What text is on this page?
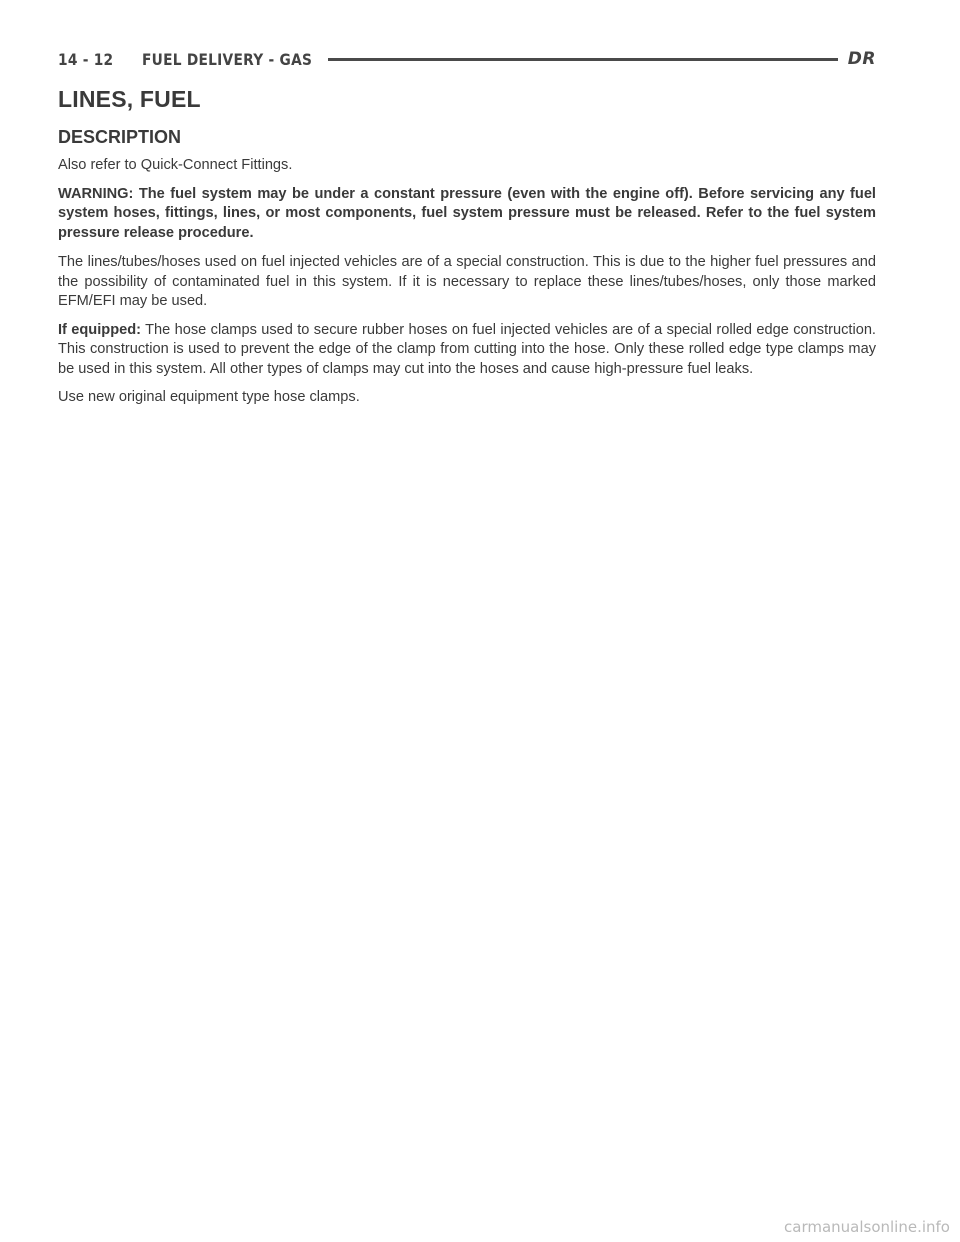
14 - 12	FUEL DELIVERY - GAS	DR
LINES, FUEL
DESCRIPTION

Also refer to Quick-Connect Fittings.

WARNING: The fuel system may be under a constant pressure (even with the engine off). Before servicing any fuel system hoses, fittings, lines, or most components, fuel system pressure must be released. Refer to the fuel system pressure release procedure.

The lines/tubes/hoses used on fuel injected vehicles are of a special construction. This is due to the higher fuel pressures and the possibility of contaminated fuel in this system. If it is necessary to replace these lines/tubes/hoses, only those marked EFM/EFI may be used.

If equipped: The hose clamps used to secure rubber hoses on fuel injected vehicles are of a special rolled edge construction. This construction is used to prevent the edge of the clamp from cutting into the hose. Only these rolled edge type clamps may be used in this system. All other types of clamps may cut into the hoses and cause high-pressure fuel leaks.

Use new original equipment type hose clamps.

carmanualsonline.info
